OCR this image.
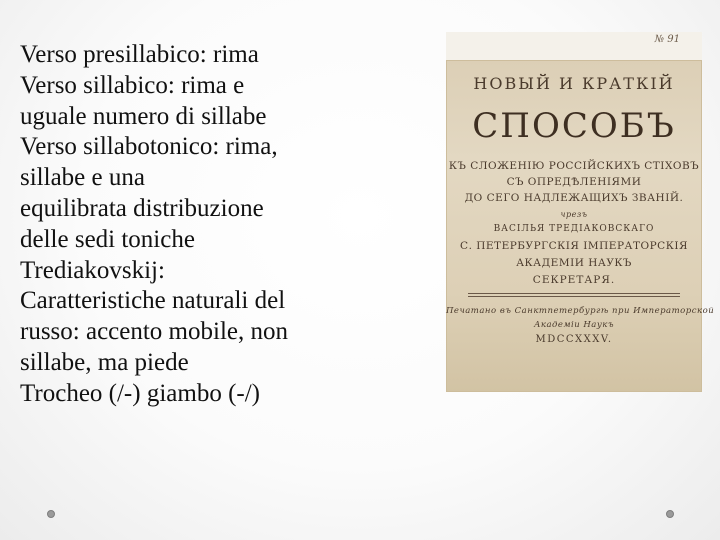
Verso presillabico: rima
Verso sillabico: rima e
uguale numero di sillabe
Verso sillabotonico: rima,
sillabe e una
equilibrata distribuzione
delle sedi toniche
Trediakovskij:
Caratteristiche naturali del
russo: accento mobile, non
sillabe, ma piede
Trocheo (/-) giambo (-/)
№ 91
НОВЫЙ И КРАТКІЙ
СПОСОБЪ
КЪ СЛОЖЕНІЮ РОССІЙСКИХЪ СТІХОВЪ
СЪ ОПРЕДѢЛЕНІЯМИ
ДО СЕГО НАДЛЕЖАЩИХЪ ЗВАНІЙ.
чрезъ
ВАСІЛЬЯ ТРЕДІАКОВСКАГО
С. ПЕТЕРБУРГСКІЯ ІМПЕРАТОРСКІЯ
АКАДЕМІИ НАУКЪ
СЕКРЕТАРЯ.
Печатано въ Санктпетербургѣ при Императорской
Академіи Наукъ
MDCCXXXV.
